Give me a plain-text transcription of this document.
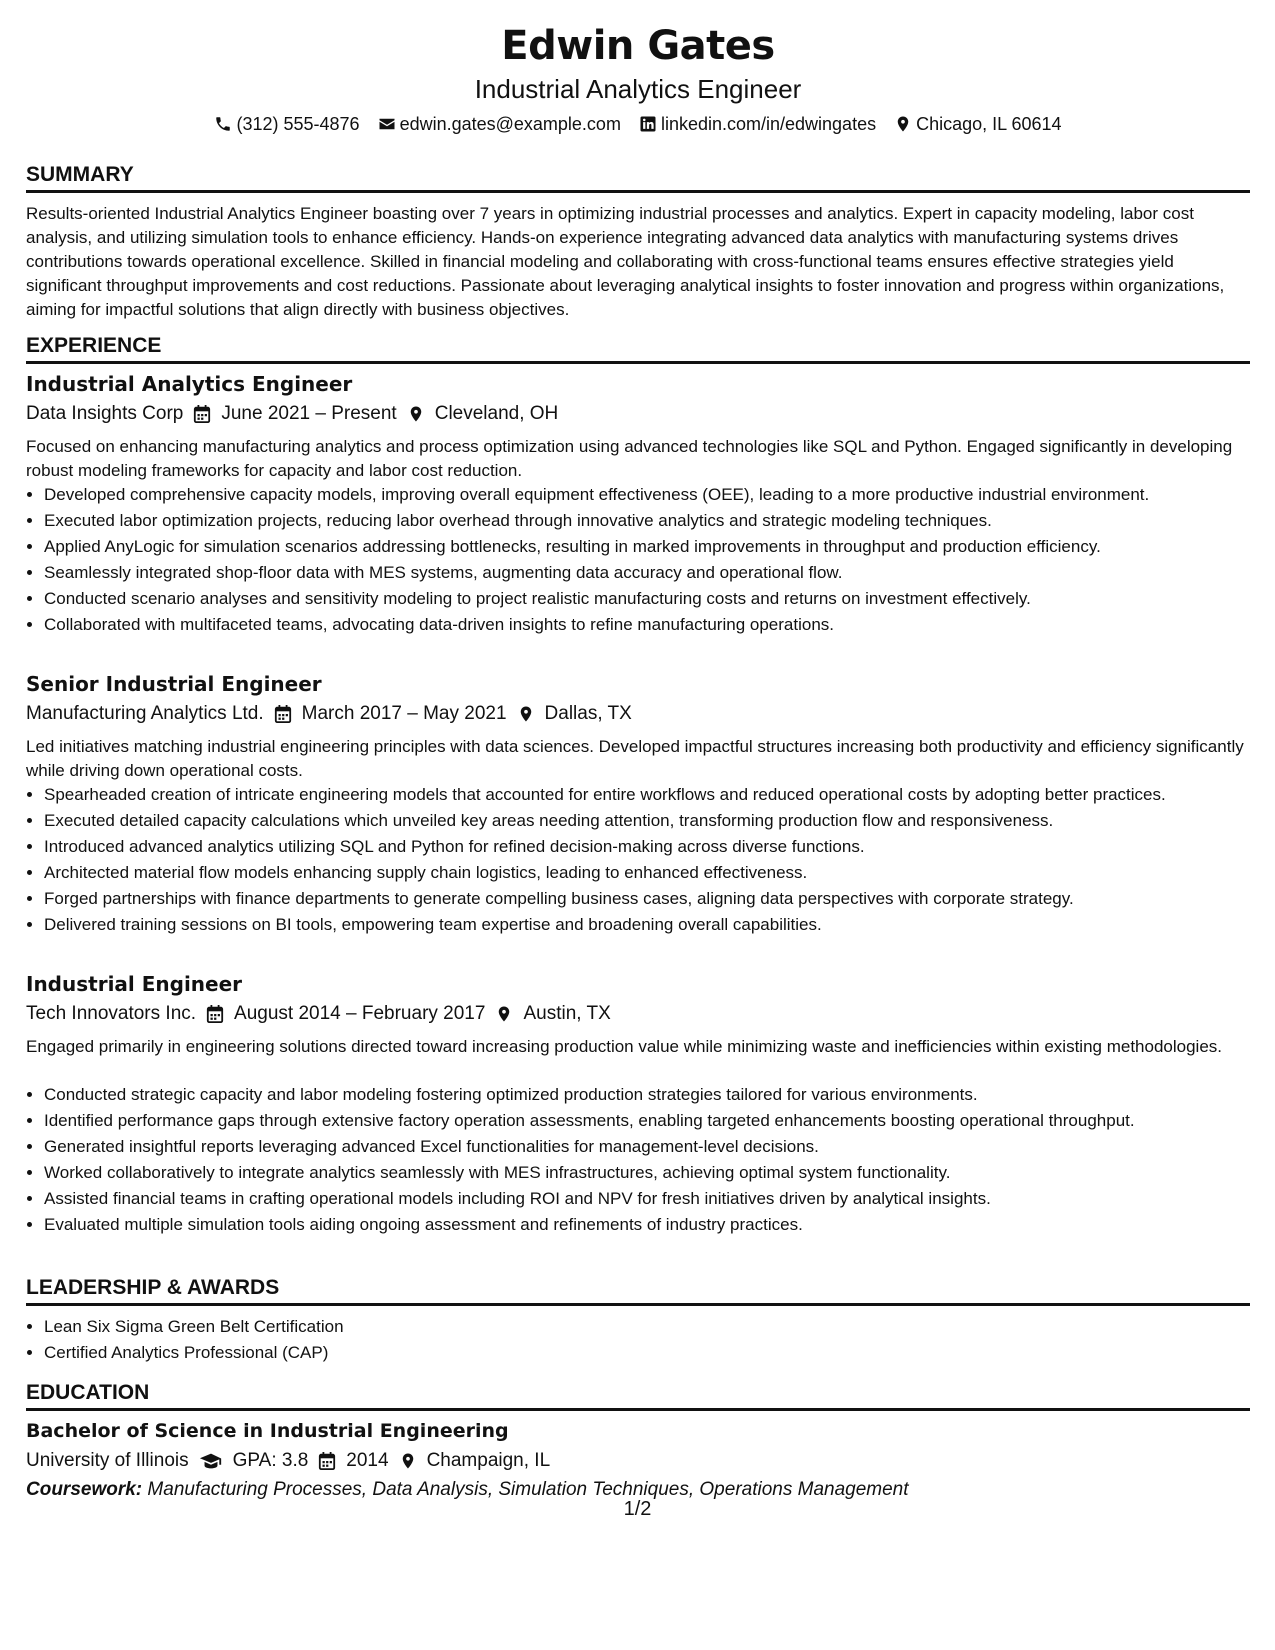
Edwin Gates
Industrial Analytics Engineer
(312) 555-4876 edwin.gates@example.com linkedin.com/in/edwingates Chicago, IL 60614
SUMMARY

Results-oriented Industrial Analytics Engineer boasting over 7 years in optimizing industrial processes and analytics. Expert in capacity modeling, labor cost analysis, and utilizing simulation tools to enhance efficiency. Hands-on experience integrating advanced data analytics with manufacturing systems drives contributions towards operational excellence. Skilled in financial modeling and collaborating with cross-functional teams ensures effective strategies yield significant throughput improvements and cost reductions. Passionate about leveraging analytical insights to foster innovation and progress within organizations, aiming for impactful solutions that align directly with business objectives.

EXPERIENCE
Industrial Analytics Engineer
Data Insights Corp June 2021 – Present Cleveland, OH

Focused on enhancing manufacturing analytics and process optimization using advanced technologies like SQL and Python. Engaged significantly in developing robust modeling frameworks for capacity and labor cost reduction.

• Developed comprehensive capacity models, improving overall equipment effectiveness (OEE), leading to a more productive industrial environment.
• Executed labor optimization projects, reducing labor overhead through innovative analytics and strategic modeling techniques.
• Applied AnyLogic for simulation scenarios addressing bottlenecks, resulting in marked improvements in throughput and production efficiency.
• Seamlessly integrated shop-floor data with MES systems, augmenting data accuracy and operational flow.
• Conducted scenario analyses and sensitivity modeling to project realistic manufacturing costs and returns on investment effectively.
• Collaborated with multifaceted teams, advocating data-driven insights to refine manufacturing operations.
Senior Industrial Engineer
Manufacturing Analytics Ltd. March 2017 – May 2021 Dallas, TX

Led initiatives matching industrial engineering principles with data sciences. Developed impactful structures increasing both productivity and efficiency significantly while driving down operational costs.

• Spearheaded creation of intricate engineering models that accounted for entire workflows and reduced operational costs by adopting better practices.
• Executed detailed capacity calculations which unveiled key areas needing attention, transforming production flow and responsiveness.
• Introduced advanced analytics utilizing SQL and Python for refined decision-making across diverse functions.
• Architected material flow models enhancing supply chain logistics, leading to enhanced effectiveness.
• Forged partnerships with finance departments to generate compelling business cases, aligning data perspectives with corporate strategy.
• Delivered training sessions on BI tools, empowering team expertise and broadening overall capabilities.
Industrial Engineer
Tech Innovators Inc. August 2014 – February 2017 Austin, TX

Engaged primarily in engineering solutions directed toward increasing production value while minimizing waste and inefficiencies within existing methodologies.

• Conducted strategic capacity and labor modeling fostering optimized production strategies tailored for various environments.
• Identified performance gaps through extensive factory operation assessments, enabling targeted enhancements boosting operational throughput.
• Generated insightful reports leveraging advanced Excel functionalities for management-level decisions.
• Worked collaboratively to integrate analytics seamlessly with MES infrastructures, achieving optimal system functionality.
• Assisted financial teams in crafting operational models including ROI and NPV for fresh initiatives driven by analytical insights.
• Evaluated multiple simulation tools aiding ongoing assessment and refinements of industry practices.
LEADERSHIP & AWARDS
• Lean Six Sigma Green Belt Certification
• Certified Analytics Professional (CAP)
EDUCATION
Bachelor of Science in Industrial Engineering
University of Illinois GPA: 3.8 2014 Champaign, IL
Coursework: Manufacturing Processes, Data Analysis, Simulation Techniques, Operations Management
1/2
